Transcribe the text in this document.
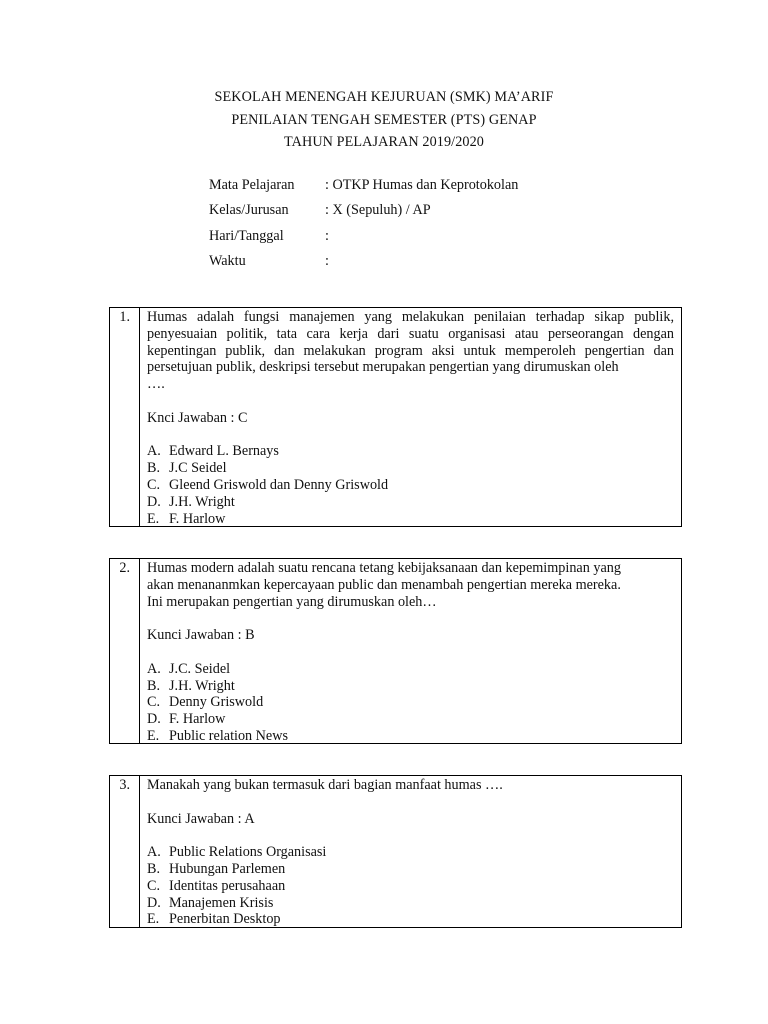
SEKOLAH MENENGAH KEJURUAN (SMK) MA’ARIF
PENILAIAN TENGAH SEMESTER (PTS) GENAP
TAHUN PELAJARAN 2019/2020
Mata Pelajaran : OTKP Humas dan Keprotokolan
Kelas/Jurusan	: X (Sepuluh) / AP
Hari/Tanggal	:
Waktu	:
1. Humas adalah fungsi manajemen yang melakukan penilaian terhadap sikap publik, penyesuaian politik, tata cara kerja dari suatu organisasi atau perseorangan dengan kepentingan publik, dan melakukan program aksi untuk memperoleh pengertian dan persetujuan publik, deskripsi tersebut merupakan pengertian yang dirumuskan oleh
….
Knci Jawaban : C
A. Edward L. Bernays
B. J.C Seidel
C. Gleend Griswold dan Denny Griswold
D. J.H. Wright
E. F. Harlow
2. Humas modern adalah suatu rencana tetang kebijaksanaan dan kepemimpinan yang
akan menananmkan kepercayaan public dan menambah pengertian mereka mereka.
Ini merupakan pengertian yang dirumuskan oleh…
Kunci Jawaban : B
A. J.C. Seidel
B. J.H. Wright
C. Denny Griswold
D. F. Harlow
E. Public relation News
3. Manakah yang bukan termasuk dari bagian manfaat humas ….
Kunci Jawaban : A
A. Public Relations Organisasi
B. Hubungan Parlemen
C. Identitas perusahaan
D. Manajemen Krisis
E. Penerbitan Desktop
